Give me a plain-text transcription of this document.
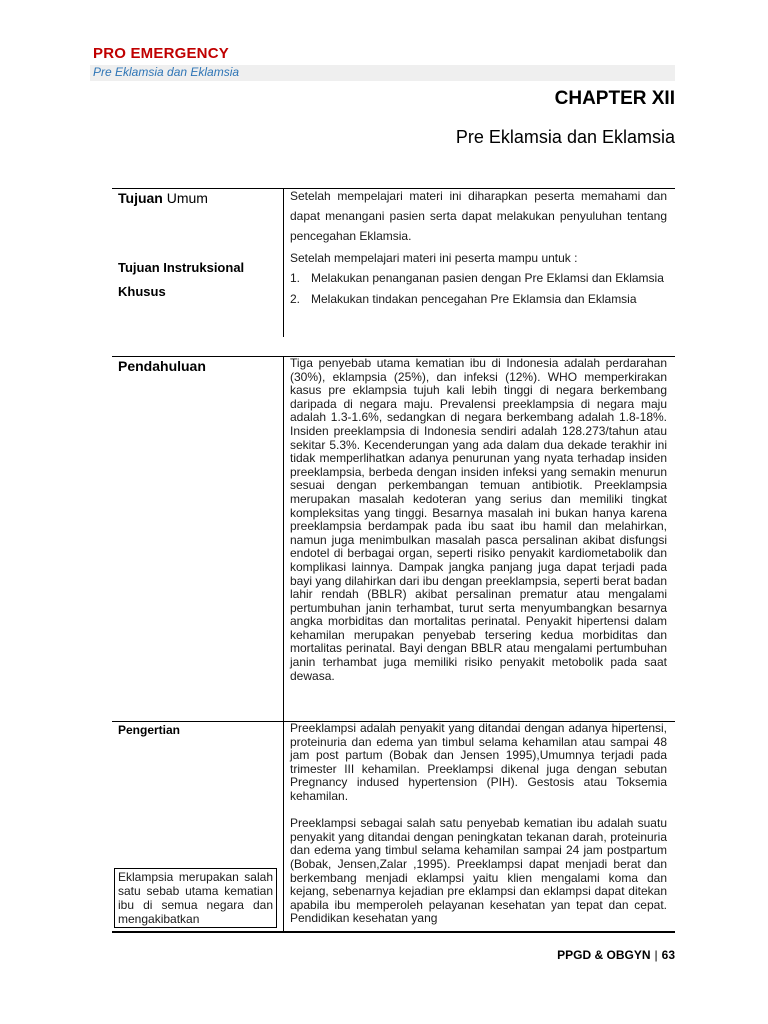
PRO EMERGENCY
Pre Eklamsia dan Eklamsia
CHAPTER XII
Pre Eklamsia dan Eklamsia
Tujuan Umum
Tujuan Instruksional Khusus

Setelah mempelajari materi ini diharapkan peserta memahami dan dapat menangani pasien serta dapat melakukan penyuluhan tentang pencegahan Eklamsia.

Setelah mempelajari materi ini peserta mampu untuk :

1. Melakukan penanganan pasien dengan Pre Eklamsi dan Eklamsia
2. Melakukan tindakan pencegahan Pre Eklamsia dan Eklamsia
Pendahuluan	Tiga penyebab utama kematian ibu di Indonesia adalah perdarahan (30%), eklampsia (25%), dan infeksi (12%). WHO memperkirakan kasus pre eklampsia tujuh kali lebih tinggi di negara berkembang daripada di negara maju. Prevalensi preeklampsia di negara maju adalah 1.3-1.6%, sedangkan di negara berkembang adalah 1.8-18%. Insiden preeklampsia di Indonesia sendiri adalah 128.273/tahun atau sekitar 5.3%. Kecenderungan yang ada dalam dua dekade terakhir ini tidak memperlihatkan adanya penurunan yang nyata terhadap insiden preeklampsia, berbeda dengan insiden infeksi yang semakin menurun sesuai dengan perkembangan temuan antibiotik. Preeklampsia merupakan masalah kedoteran yang serius dan memiliki tingkat kompleksitas yang tinggi. Besarnya masalah ini bukan hanya karena preeklampsia berdampak pada ibu saat ibu hamil dan melahirkan, namun juga menimbulkan masalah pasca persalinan akibat disfungsi endotel di berbagai organ, seperti risiko penyakit kardiometabolik dan komplikasi lainnya. Dampak jangka panjang juga dapat terjadi pada bayi yang dilahirkan dari ibu dengan preeklampsia, seperti berat badan lahir rendah (BBLR) akibat persalinan prematur atau mengalami pertumbuhan janin terhambat, turut serta menyumbangkan besarnya angka morbiditas dan mortalitas perinatal. Penyakit hipertensi dalam kehamilan merupakan penyebab tersering kedua morbiditas dan mortalitas perinatal. Bayi dengan BBLR atau mengalami pertumbuhan janin terhambat juga memiliki risiko penyakit metobolik pada saat dewasa.
Pengertian	Preeklampsi adalah penyakit yang ditandai dengan adanya hipertensi, proteinuria dan edema yan timbul selama kehamilan atau sampai 48 jam post partum (Bobak dan Jensen 1995),Umumnya terjadi pada trimester III kehamilan. Preeklampsi dikenal juga dengan sebutan Pregnancy indused hypertension (PIH). Gestosis atau Toksemia kehamilan.

Preeklampsi sebagai salah satu penyebab kematian ibu adalah suatu penyakit yang ditandai dengan peningkatan tekanan darah, proteinuria dan edema yang timbul selama kehamilan sampai 24 jam postpartum (Bobak, Jensen,Zalar ,1995). Preeklampsi dapat menjadi berat dan berkembang menjadi eklampsi yaitu klien mengalami koma dan kejang, sebenarnya kejadian pre eklampsi dan eklampsi dapat ditekan apabila ibu memperoleh pelayanan kesehatan yan tepat dan cepat. Pendidikan kesehatan yang

Eklampsia merupakan salah satu sebab utama kematian ibu di semua negara dan mengakibatkan
PPGD & OBGYN | 63
